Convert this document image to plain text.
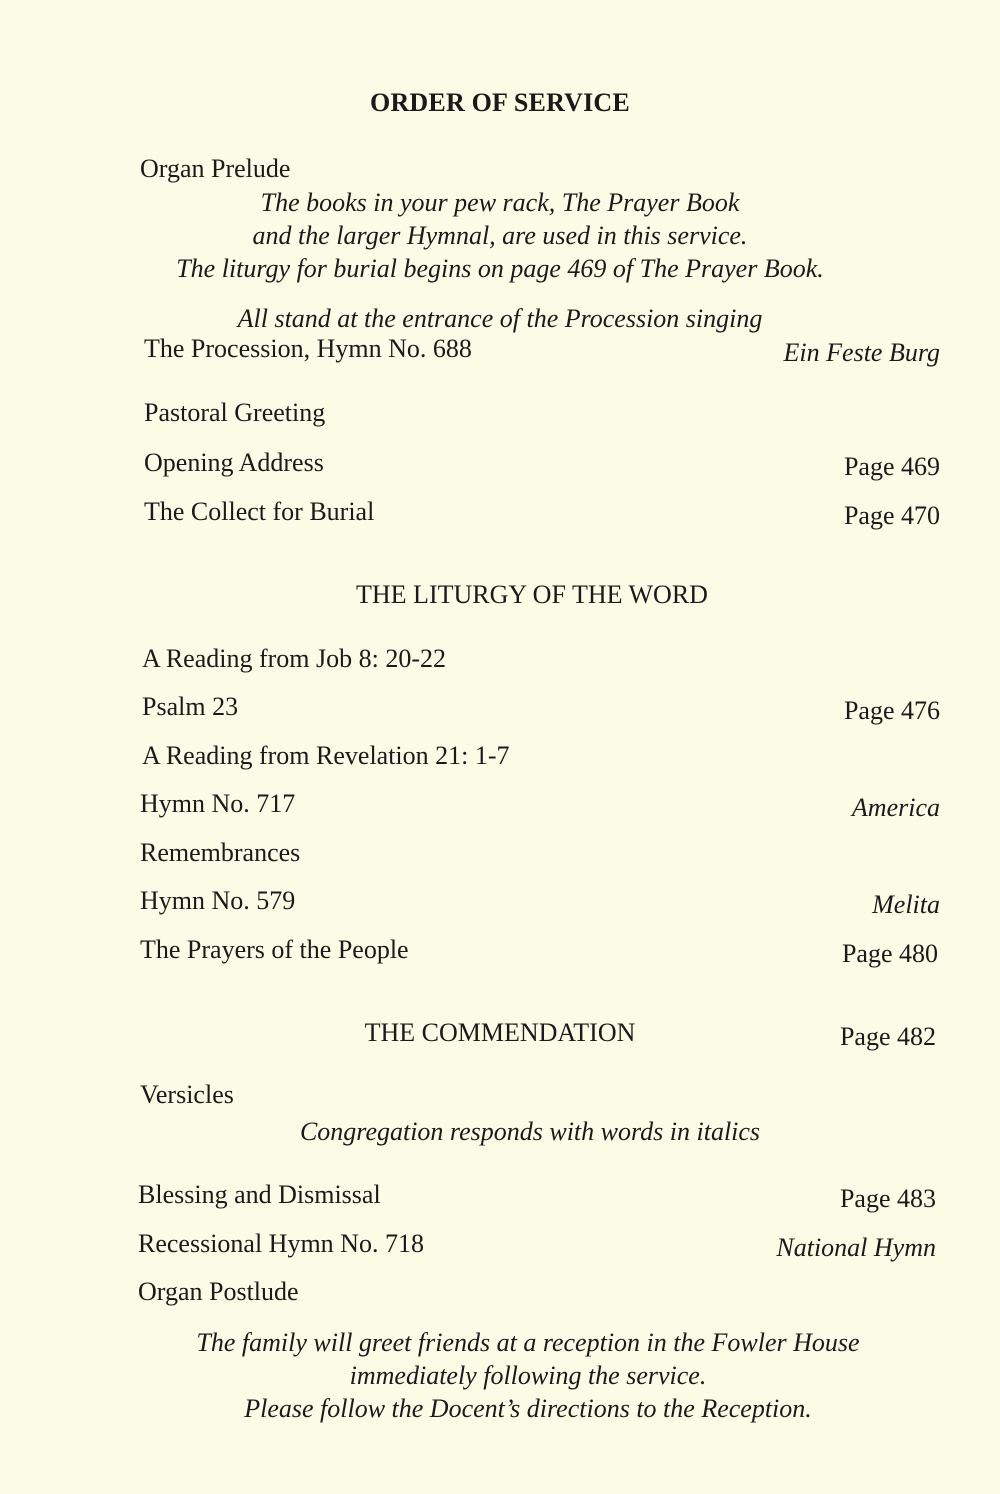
ORDER OF SERVICE
Organ Prelude
The books in your pew rack, The Prayer Book
and the larger Hymnal, are used in this service.
The liturgy for burial begins on page 469 of The Prayer Book.
All stand at the entrance of the Procession singing
The Procession, Hymn No. 688	Ein Feste Burg
Pastoral Greeting
Opening Address	Page 469
The Collect for Burial	Page 470
THE LITURGY OF THE WORD
A Reading from Job 8: 20-22
Psalm 23	Page 476
A Reading from Revelation 21: 1-7
Hymn No. 717	America
Remembrances
Hymn No. 579	Melita
The Prayers of the People	Page 480
THE COMMENDATION	Page 482
Versicles
Congregation responds with words in italics
Blessing and Dismissal	Page 483
Recessional Hymn No. 718	National Hymn
Organ Postlude
The family will greet friends at a reception in the Fowler House
immediately following the service.
Please follow the Docent’s directions to the Reception.
